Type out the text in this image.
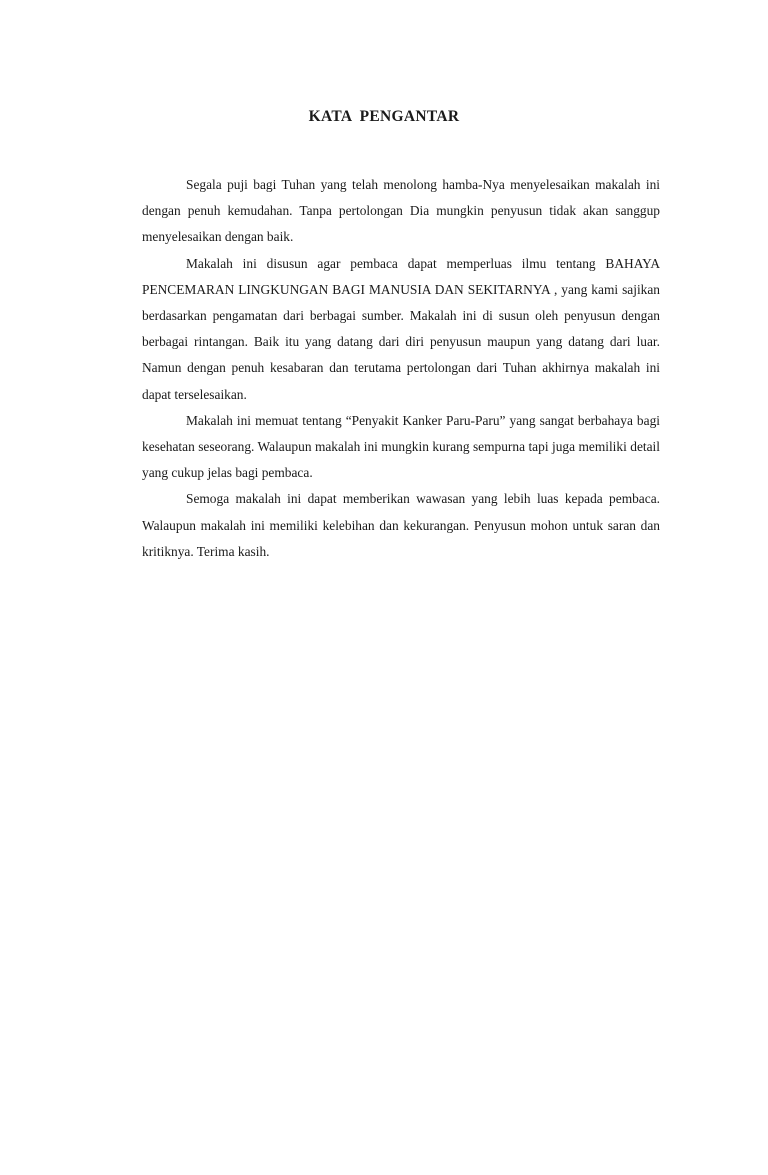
KATA PENGANTAR

Segala puji bagi Tuhan yang telah menolong hamba-Nya menyelesaikan makalah ini dengan penuh kemudahan. Tanpa pertolongan Dia mungkin penyusun tidak akan sanggup menyelesaikan dengan baik.

Makalah ini disusun agar pembaca dapat memperluas ilmu tentang BAHAYA PENCEMARAN LINGKUNGAN BAGI MANUSIA DAN SEKITARNYA , yang kami sajikan berdasarkan pengamatan dari berbagai sumber. Makalah ini di susun oleh penyusun dengan berbagai rintangan. Baik itu yang datang dari diri penyusun maupun yang datang dari luar. Namun dengan penuh kesabaran dan terutama pertolongan dari Tuhan akhirnya makalah ini dapat terselesaikan.

Makalah ini memuat tentang “Penyakit Kanker Paru-Paru” yang sangat berbahaya bagi kesehatan seseorang. Walaupun makalah ini mungkin kurang sempurna tapi juga memiliki detail yang cukup jelas bagi pembaca.

Semoga makalah ini dapat memberikan wawasan yang lebih luas kepada pembaca. Walaupun makalah ini memiliki kelebihan dan kekurangan. Penyusun mohon untuk saran dan kritiknya. Terima kasih.
